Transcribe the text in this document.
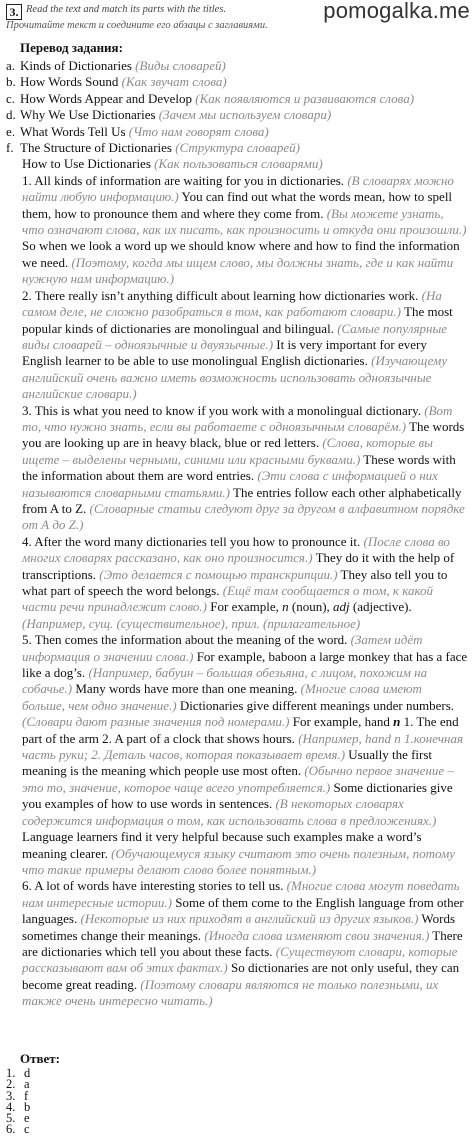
3. Read the text and match its parts with the titles.
Прочитайте текст и соедините его абзацы с заглавиями.
pomogalka.me
Перевод задания:
a. Kinds of Dictionaries (Виды словарей)
b. How Words Sound (Как звучат слова)
c. How Words Appear and Develop (Как появляются и развиваются слова)
d. Why We Use Dictionaries (Зачем мы используем словари)
e. What Words Tell Us (Что нам говорят слова)
f. The Structure of Dictionaries (Структура словарей)
How to Use Dictionaries (Как пользоваться словарями)
1. All kinds of information are waiting for you in dictionaries. (В словарях можно найти любую информацию.) You can find out what the words mean, how to spell them, how to pronounce them and where they come from. (Вы можете узнать, что означают слова, как их писать, как произносить и откуда они произошли.) So when we look a word up we should know where and how to find the information we need. (Поэтому, когда мы ищем слово, мы должны знать, где и как найти нужную нам информацию.)
2. There really isn’t anything difficult about learning how dictionaries work. (На самом деле, не сложно разобраться в том, как работают словари.) The most popular kinds of dictionaries are monolingual and bilingual. (Самые популярные виды словарей – одноязычные и двуязычные.) It is very important for every English learner to be able to use monolingual English dictionaries. (Изучающему английский очень важно иметь возможность использовать одноязычные английские словари.)
3. This is what you need to know if you work with a monolingual dictionary. (Вот то, что нужно знать, если вы работаете с одноязычным словарём.) The words you are looking up are in heavy black, blue or red letters. (Слова, которые вы ищете – выделены черными, синими или красными буквами.) These words with the information about them are word entries. (Эти слова с информацией о них называются словарными статьями.) The entries follow each other alphabetically from A to Z. (Словарные статьи следуют друг за другом в алфавитном порядке от А до Z.)
4. After the word many dictionaries tell you how to pronounce it. (После слова во многих словарях рассказано, как оно произносится.) They do it with the help of transcriptions. (Это делается с помощью транскрипции.) They also tell you to what part of speech the word belongs. (Ещё там сообщается о том, к какой части речи принадлежит слово.) For example, n (noun), adj (adjective). (Например, сущ. (существительное), прил. (прилагательное)
5. Then comes the information about the meaning of the word. (Затем идёт информация о значении слова.) For example, baboon a large monkey that has a face like a dog’s. (Например, бабуин – большая обезьяна, с лицом, похожим на собачье.) Many words have more than one meaning. (Многие слова имеют больше, чем одно значение.) Dictionaries give different meanings under numbers. (Словари дают разные значения под номерами.) For example, hand n 1. The end part of the arm 2. A part of a clock that shows hours. (Например, hand n 1.конечная часть руки; 2. Деталь часов, которая показывает время.) Usually the first meaning is the meaning which people use most often. (Обычно первое значение – это то, значение, которое чаще всего употребляется.) Some dictionaries give you examples of how to use words in sentences. (В некоторых словарях содержится информация о том, как использовать слова в предложениях.) Language learners find it very helpful because such examples make a word’s meaning clearer. (Обучающемуся языку считают это очень полезным, потому что такие примеры делают слово более понятным.)
6. A lot of words have interesting stories to tell us. (Многие слова могут поведать нам интересные истории.) Some of them come to the English language from other languages. (Некоторые из них приходят в английский из других языков.) Words sometimes change their meanings. (Иногда слова изменяют свои значения.) There are dictionaries which tell you about these facts. (Существуют словари, которые рассказывают вам об этих фактах.) So dictionaries are not only useful, they can become great reading. (Поэтому словари являются не только полезными, их также очень интересно читать.)
Ответ:
1. d
2. a
3. f
4. b
5. e
6. c
